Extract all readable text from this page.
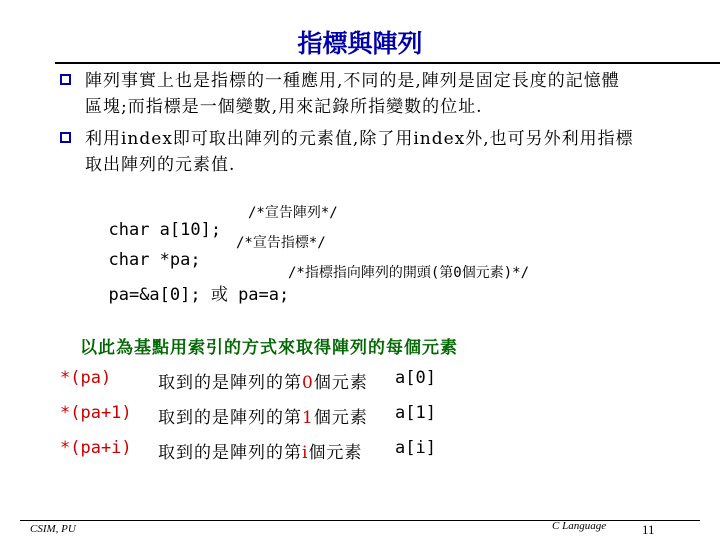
指標與陣列
陣列事實上也是指標的一種應用,不同的是,陣列是固定長度的記憶體
區塊;而指標是一個變數,用來記錄所指變數的位址.
利用index即可取出陣列的元素值,除了用index外,也可另外利用指標
取出陣列的元素值.

char a[10];

/*宣告陣列*/

char *pa;

/*宣告指標*/

pa=&a[0]; 或 pa=a;

/*指標指向陣列的開頭(第0個元素)*/

以此為基點用索引的方式來取得陣列的每個元素
*(pa)	取到的是陣列的第0個元素 a[0]
*(pa+1) 取到的是陣列的第1個元素 a[1]
*(pa+i) 取到的是陣列的第i個元素 a[i]
CSIM, PU	C Language	11
